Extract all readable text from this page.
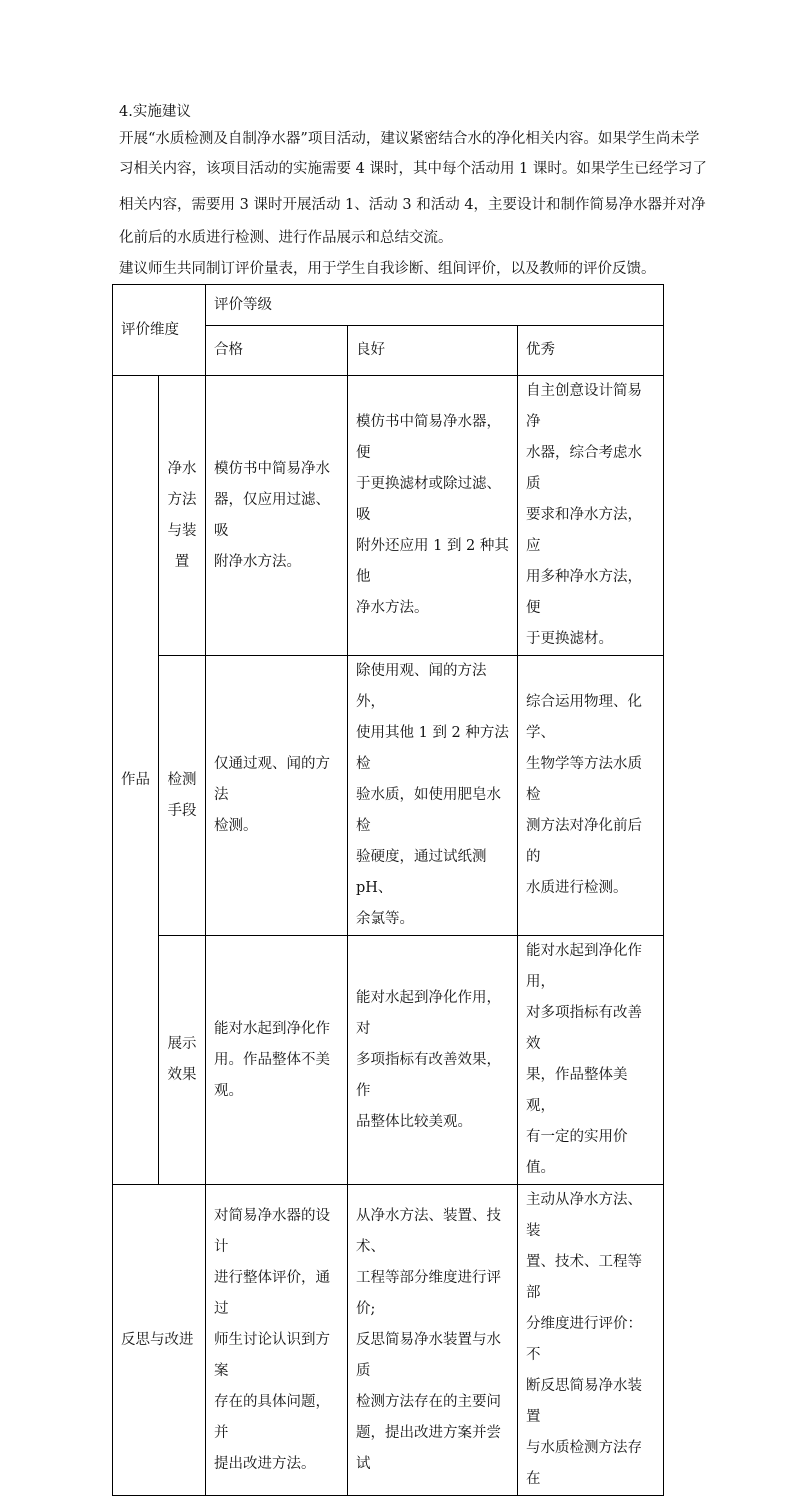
4.实施建议
开展“水质检测及自制净水器”项目活动，建议紧密结合水的净化相关内容。如果学生尚未学
习相关内容，该项目活动的实施需要 4 课时，其中每个活动用 1 课时。如果学生已经学习了
相关内容，需要用 3 课时开展活动 1、活动 3 和活动 4，主要设计和制作简易净水器并对净
化前后的水质进行检测、进行作品展示和总结交流。
建议师生共同制订评价量表，用于学生自我诊断、组间评价，以及教师的评价反馈。
评价维度		评价等级		
		合格	良好	优秀
作品	净水
方法
与装
置	模仿书中简易净水
器，仅应用过滤、吸
附净水方法。	模仿书中简易净水器，便
于更换滤材或除过滤、吸
附外还应用 1 到 2 种其他
净水方法。	自主创意设计简易净
水器，综合考虑水质
要求和净水方法，应
用多种净水方法，便
于更换滤材。

	检测
手段	仅通过观、闻的方法
检测。	除使用观、闻的方法外，
使用其他 1 到 2 种方法检
验水质，如使用肥皂水检
验硬度，通过试纸测 pH、
余氯等。	综合运用物理、化学、
生物学等方法水质检
测方法对净化前后的
水质进行检测。

	展示
效果	能对水起到净化作
用。作品整体不美观。	能对水起到净化作用，对
多项指标有改善效果，作
品整体比较美观。	能对水起到净化作用，
对多项指标有改善效
果，作品整体美观，
有一定的实用价值。

反思与改进		对简易净水器的设计
进行整体评价，通过
师生讨论认识到方案
存在的具体问题，并
提出改进方法。	从净水方法、装置、技术、
工程等部分维度进行评价;
反思简易净水装置与水质
检测方法存在的主要问
题，提出改进方案并尝试	主动从净水方法、装
置、技术、工程等部
分维度进行评价：不
断反思简易净水装置
与水质检测方法存在
